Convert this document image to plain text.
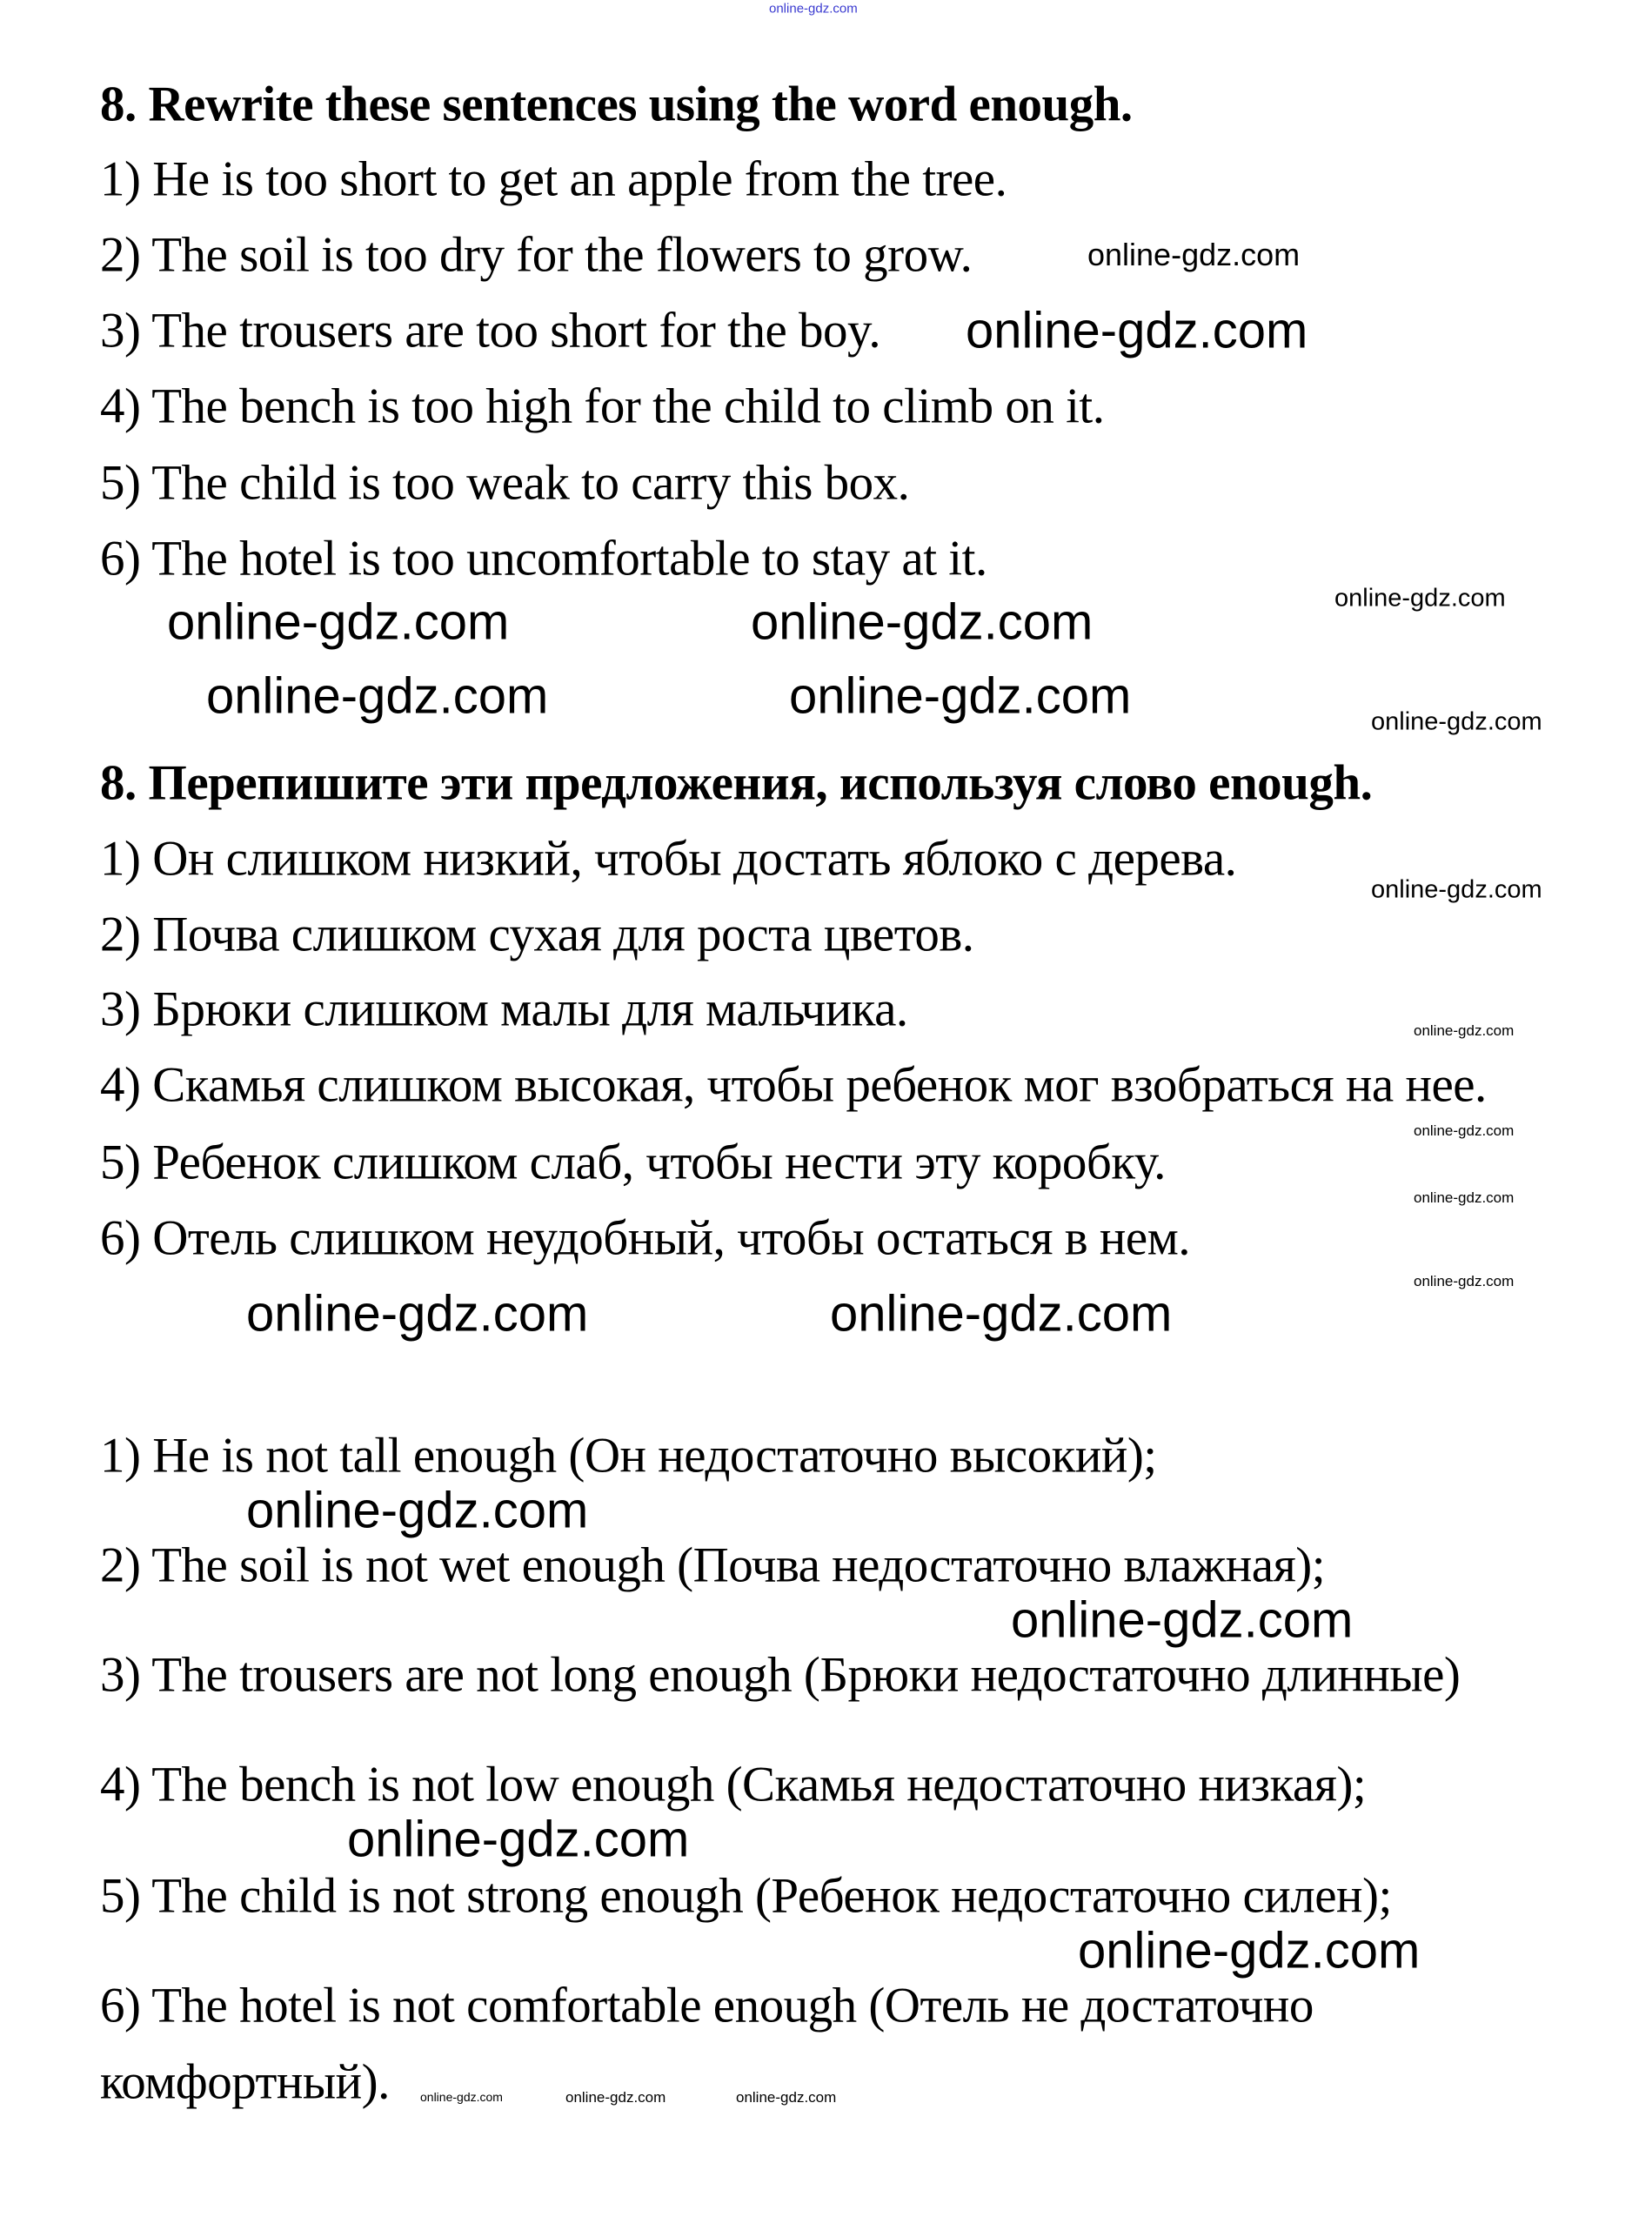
online-gdz.com
8. Rewrite these sentences using the word enough.
1) He is too short to get an apple from the tree.
2) The soil is too dry for the flowers to grow.
3) The trousers are too short for the boy.
4) The bench is too high for the child to climb on it.
5) The child is too weak to carry this box.
6) The hotel is too uncomfortable to stay at it.
8. Перепишите эти предложения, используя слово enough.
1) Он слишком низкий, чтобы достать яблоко с дерева.
2) Почва слишком сухая для роста цветов.
3) Брюки слишком малы для мальчика.
4) Скамья слишком высокая, чтобы ребенок мог взобраться на нее.
5) Ребенок слишком слаб, чтобы нести эту коробку.
6) Отель слишком неудобный, чтобы остаться в нем.
1) He is not tall enough (Он недостаточно высокий);
2) The soil is not wet enough (Почва недостаточно влажная);
3) The trousers are not long enough (Брюки недостаточно длинные)
4) The bench is not low enough (Скамья недостаточно низкая);
5) The child is not strong enough (Ребенок недостаточно силен);
6) The hotel is not comfortable enough (Отель не достаточно
комфортный).
online-gdz.com
online-gdz.com
online-gdz.com	online-gdz.com	online-gdz.com
online-gdz.com
online-gdz.com	online-gdz.com
online-gdz.com
online-gdz.com
online-gdz.com
online-gdz.com
online-gdz.com
online-gdz.com	online-gdz.com
online-gdz.com
online-gdz.com
online-gdz.com
online-gdz.com
online-gdz.com	online-gdz.com	online-gdz.com
